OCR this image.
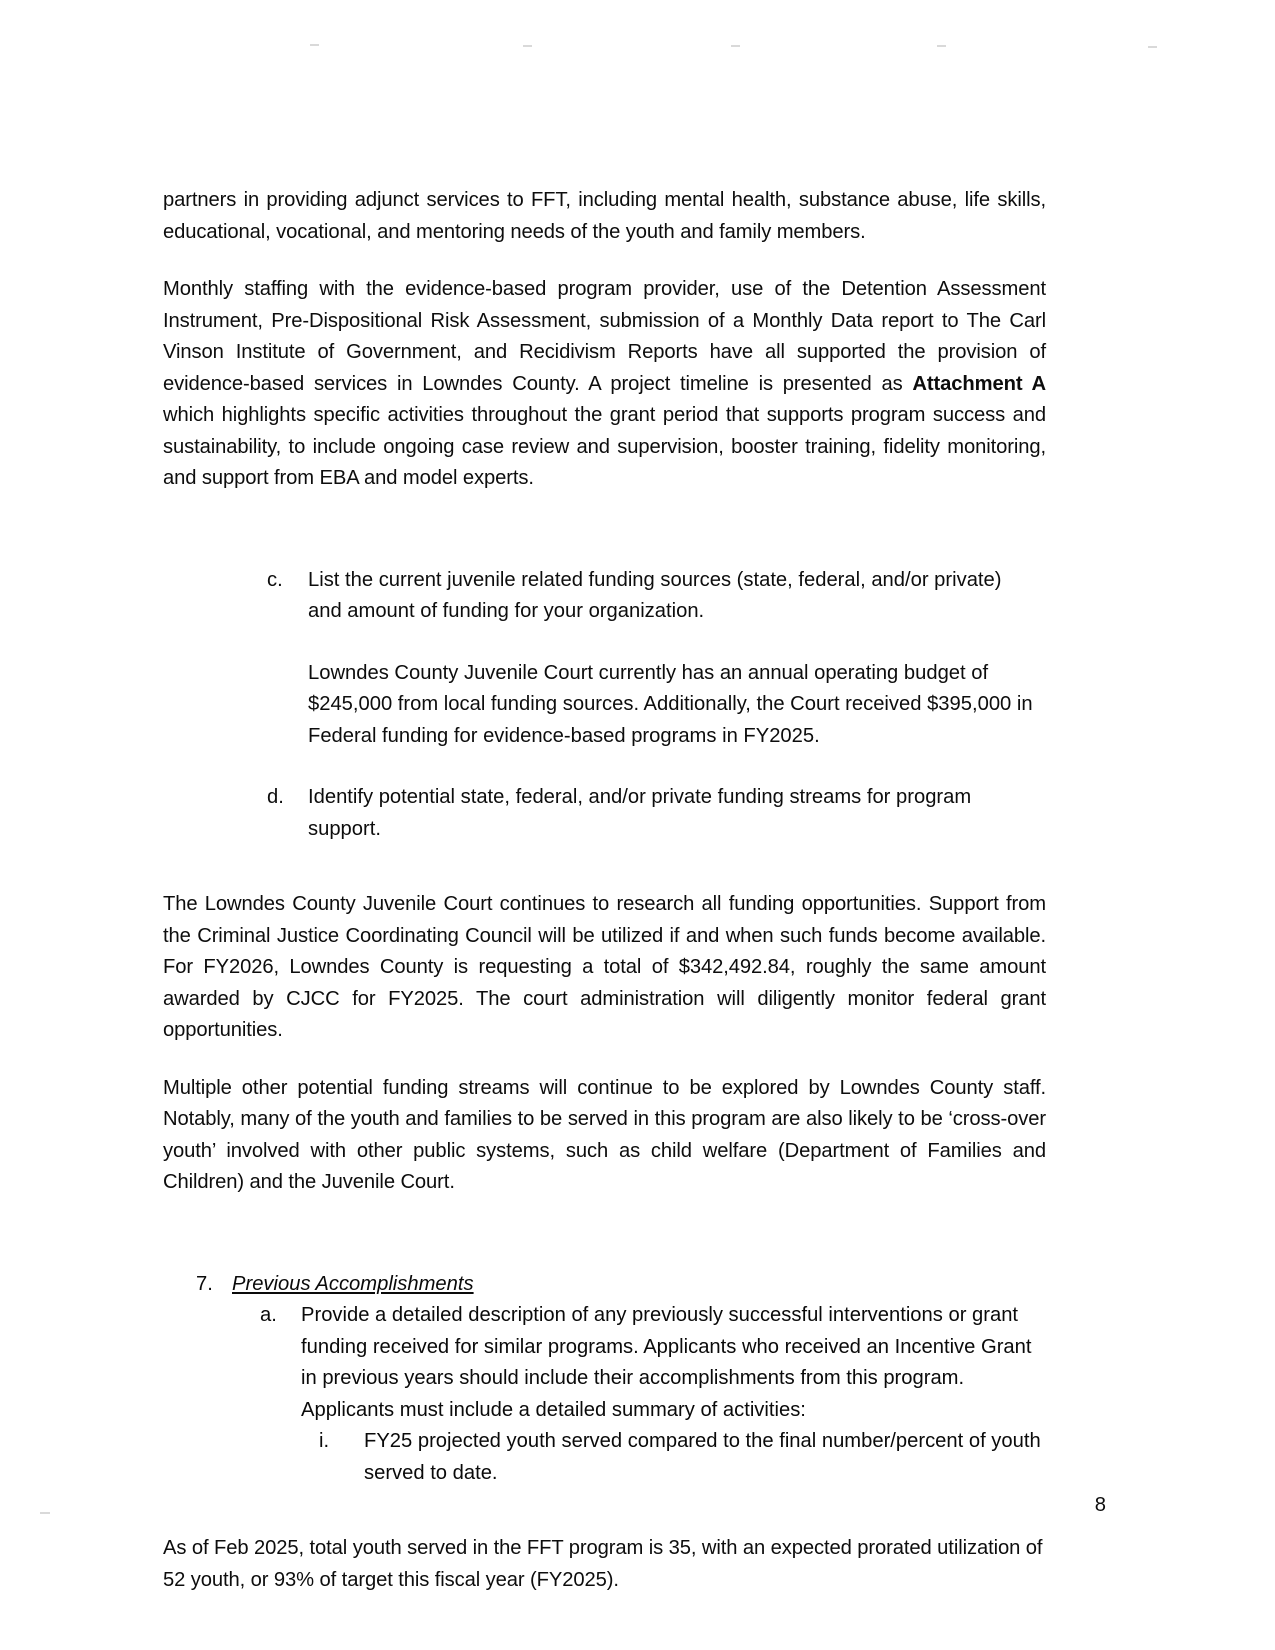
partners in providing adjunct services to FFT, including mental health, substance abuse, life skills, educational, vocational, and mentoring needs of the youth and family members.

Monthly staffing with the evidence-based program provider, use of the Detention Assessment Instrument, Pre-Dispositional Risk Assessment, submission of a Monthly Data report to The Carl Vinson Institute of Government, and Recidivism Reports have all supported the provision of evidence-based services in Lowndes County. A project timeline is presented as Attachment A which highlights specific activities throughout the grant period that supports program success and sustainability, to include ongoing case review and supervision, booster training, fidelity monitoring, and support from EBA and model experts.

c.	List the current juvenile related funding sources (state, federal, and/or private) and amount of funding for your organization.
Lowndes County Juvenile Court currently has an annual operating budget of $245,000 from local funding sources. Additionally, the Court received $395,000 in Federal funding for evidence-based programs in FY2025.
d.	Identify potential state, federal, and/or private funding streams for program support.

The Lowndes County Juvenile Court continues to research all funding opportunities. Support from the Criminal Justice Coordinating Council will be utilized if and when such funds become available. For FY2026, Lowndes County is requesting a total of $342,492.84, roughly the same amount awarded by CJCC for FY2025. The court administration will diligently monitor federal grant opportunities.

Multiple other potential funding streams will continue to be explored by Lowndes County staff. Notably, many of the youth and families to be served in this program are also likely to be ‘cross-over youth’ involved with other public systems, such as child welfare (Department of Families and Children) and the Juvenile Court.

7. Previous Accomplishments
a. Provide a detailed description of any previously successful interventions or grant funding received for similar programs. Applicants who received an Incentive Grant in previous years should include their accomplishments from this program. Applicants must include a detailed summary of activities:
i. FY25 projected youth served compared to the final number/percent of youth served to date.

As of Feb 2025, total youth served in the FFT program is 35, with an expected prorated utilization of 52 youth, or 93% of target this fiscal year (FY2025).

8
